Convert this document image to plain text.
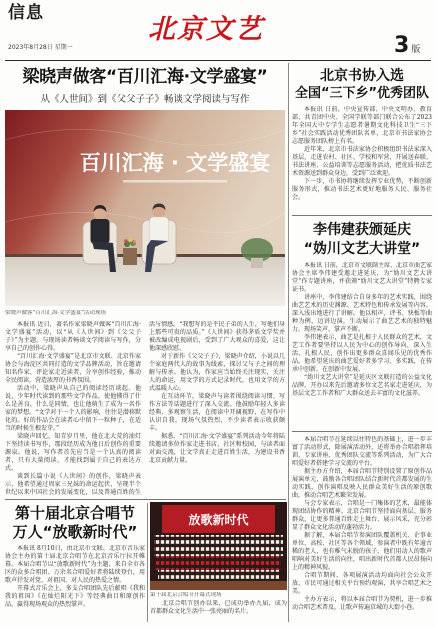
信息
2023年8月28日 星期一
北京文艺
3 版
梁晓声做客“百川汇海·文学盛宴”
从《人世间》到《父父子子》畅谈文学阅读与写作
百川汇海 · 文学盛宴
梁晓声做客“百川汇海·文学盛宴”活动现场

本报讯 近日，著名作家梁晓声做客“百川汇海·文学盛宴”活动，以“从《人世间》到《父父子子》”为主题，与现场读者畅谈文学阅读与写作，分享自己的创作心得。

“百川汇海·文学盛宴”是北京市文联、北京作家协会与海淀区共同打造的文学品牌活动，旨在邀请知名作家、评论家走近读者，分享创作经验，推动全民阅读，营造浓厚的书香氛围。

活动中，梁晓声从自己的阅读经历谈起。他说，少年时代读到的那些文学作品，使他懂得了什么是善良、什么是同情，也让他萌生了成为一名作家的梦想。“文学对于一个人的影响，往往是潜移默化的。好的作品会在读者心中留下一粒种子，在适当的时候生根发芽。”

梁晓声回忆，知青岁月里，他在北大荒的油灯下坚持读书写作，那段经历成为他日后创作的重要源泉。他说，写作者首先应当是一个认真的阅读者，只有大量阅读，才能找到属于自己的表达方式。

谈到长篇小说《人世间》的创作，梁晓声表示，他希望通过周家三兄妹的命运起伏，呈现半个世纪以来中国社会的发展变化，以及普通百姓的生活与情感。“我想写的是平民子弟的人生，写他们身上那些可贵的品质。”《人世间》获得茅盾文学奖并被改编成电视剧后，受到了广大观众的喜爱，这让他深感欣慰。

对于新作《父父子子》，梁晓声介绍，小说以几个家庭两代人的故事为线索，探讨父与子之间的理解与传承。他认为，作家应当始终关注现实，关注人的命运，用文学的方式记录时代，也用文学的方式温暖人心。

在互动环节，梁晓声与读者围绕阅读习惯、写作方法等话题进行了深入交流。他鼓励年轻人多读经典、多观察生活，在阅读中开阔视野，在写作中认识自我。现场气氛热烈，不少读者表示收获颇丰。

据悉，“百川汇海·文学盛宴”系列活动今年将陆续邀请多位作家走进书店、社区和校园，与读者面对面交流，让文学真正走进百姓生活，为建设书香北京贡献力量。

北京书协入选
全国“三下乡”优秀团队

本报讯 日前，中央宣传部、中央文明办、教育部、共青团中央、全国学联等部门联合公布了2023年全国大中专学生志愿者暑期文化科技卫生“三下乡”社会实践活动优秀团队名单，北京市书法家协会志愿服务团队榜上有名。

近年来，北京市书法家协会积极组织书法家深入基层，走进农村、社区、学校和军营，开展送春联、书法讲座、公益培训等志愿服务活动，把优质书法艺术资源送到群众身边，受到广泛欢迎。

下一步，市书协将继续发挥专业优势，不断创新服务形式，推动书法艺术更好地服务人民、服务社会。

李伟建获颁延庆
“妫川文艺大讲堂”

本报讯 日前，北京市文联副主席、北京市曲艺家协会主席李伟建受邀走进延庆，为“妫川文艺大讲堂”作专题讲座，并获颁“妫川文艺大讲堂”特聘专家证书。

讲座中，李伟建结合自身多年的艺术实践，围绕曲艺艺术的历史渊源、艺术特色和传承发展等内容，深入浅出地进行了讲解。他以相声、评书、快板等曲种为例，边讲边演，生动展示了曲艺艺术的独特魅力，现场笑声、掌声不断。

李伟建表示，曲艺是扎根于人民群众的艺术，文艺工作者要坚持以人民为中心的创作导向，深入生活、扎根人民，创作出更多群众喜闻乐见的优秀作品。他希望延庆的曲艺爱好者多学习、多实践，在传承中创新，在创新中发展。

“妫川文艺大讲堂”是延庆区文联打造的公益文化品牌，开办以来先后邀请多位文艺名家走进延庆，为基层文艺工作者和广大群众送去丰富的文化滋养。

第十届北京合唱节
万人“放歌新时代”

本报讯 8月10日，由北京市文联、北京市音乐家协会主办的第十届北京合唱节在北京音乐厅拉开帷幕。本届合唱节以“放歌新时代”为主题，来自全市各区的众多合唱团、万余名合唱爱好者将陆续登台，用歌声抒发对党、对祖国、对人民的热爱之情。

开幕式音乐会上，多支合唱团队先后献唱《我和我的祖国》《在灿烂阳光下》等经典曲目和原创作品，赢得现场观众的热烈掌声。

放歌新时代
第十届北京合唱节开幕式现场

北京合唱节创办以来，已成功举办九届，成为首都群众文化生活中一张亮丽的名片。

本届合唱节在延续以往特色的基础上，进一步丰富了活动形式，除展演活动外，还将举办合唱指挥培训、专家讲座、优秀团队交流等系列活动，为广大合唱爱好者搭建学习交流的平台。

据主办方介绍，本届合唱节特别设置了原创作品展演单元，鼓励各合唱团队结合新时代首都发展的生动实践，创作演唱反映人民群众美好生活的原创歌曲，推动合唱艺术繁荣发展。

与会专家表示，合唱是一门集体的艺术，最能体现团结协作的精神。北京合唱节坚持面向基层、服务群众，让更多普通百姓走上舞台、展示风采，充分彰显了群众文化活动的蓬勃活力。

据了解，本届合唱节参演团队覆盖机关、企事业单位、高校、社区等各个领域，参演者中既有年逾古稀的老人，也有稚气未脱的孩子，他们用动人的歌声唱响对美好生活的向往，唱出新时代首都人民昂扬向上的精神风貌。

合唱节期间，各项展演活动均面向社会公众开放，市民可通过相关平台预约观演，共享合唱艺术之美。

主办方表示，将以本届合唱节为契机，进一步推动合唱艺术普及，让歌声传遍京城的大街小巷。
